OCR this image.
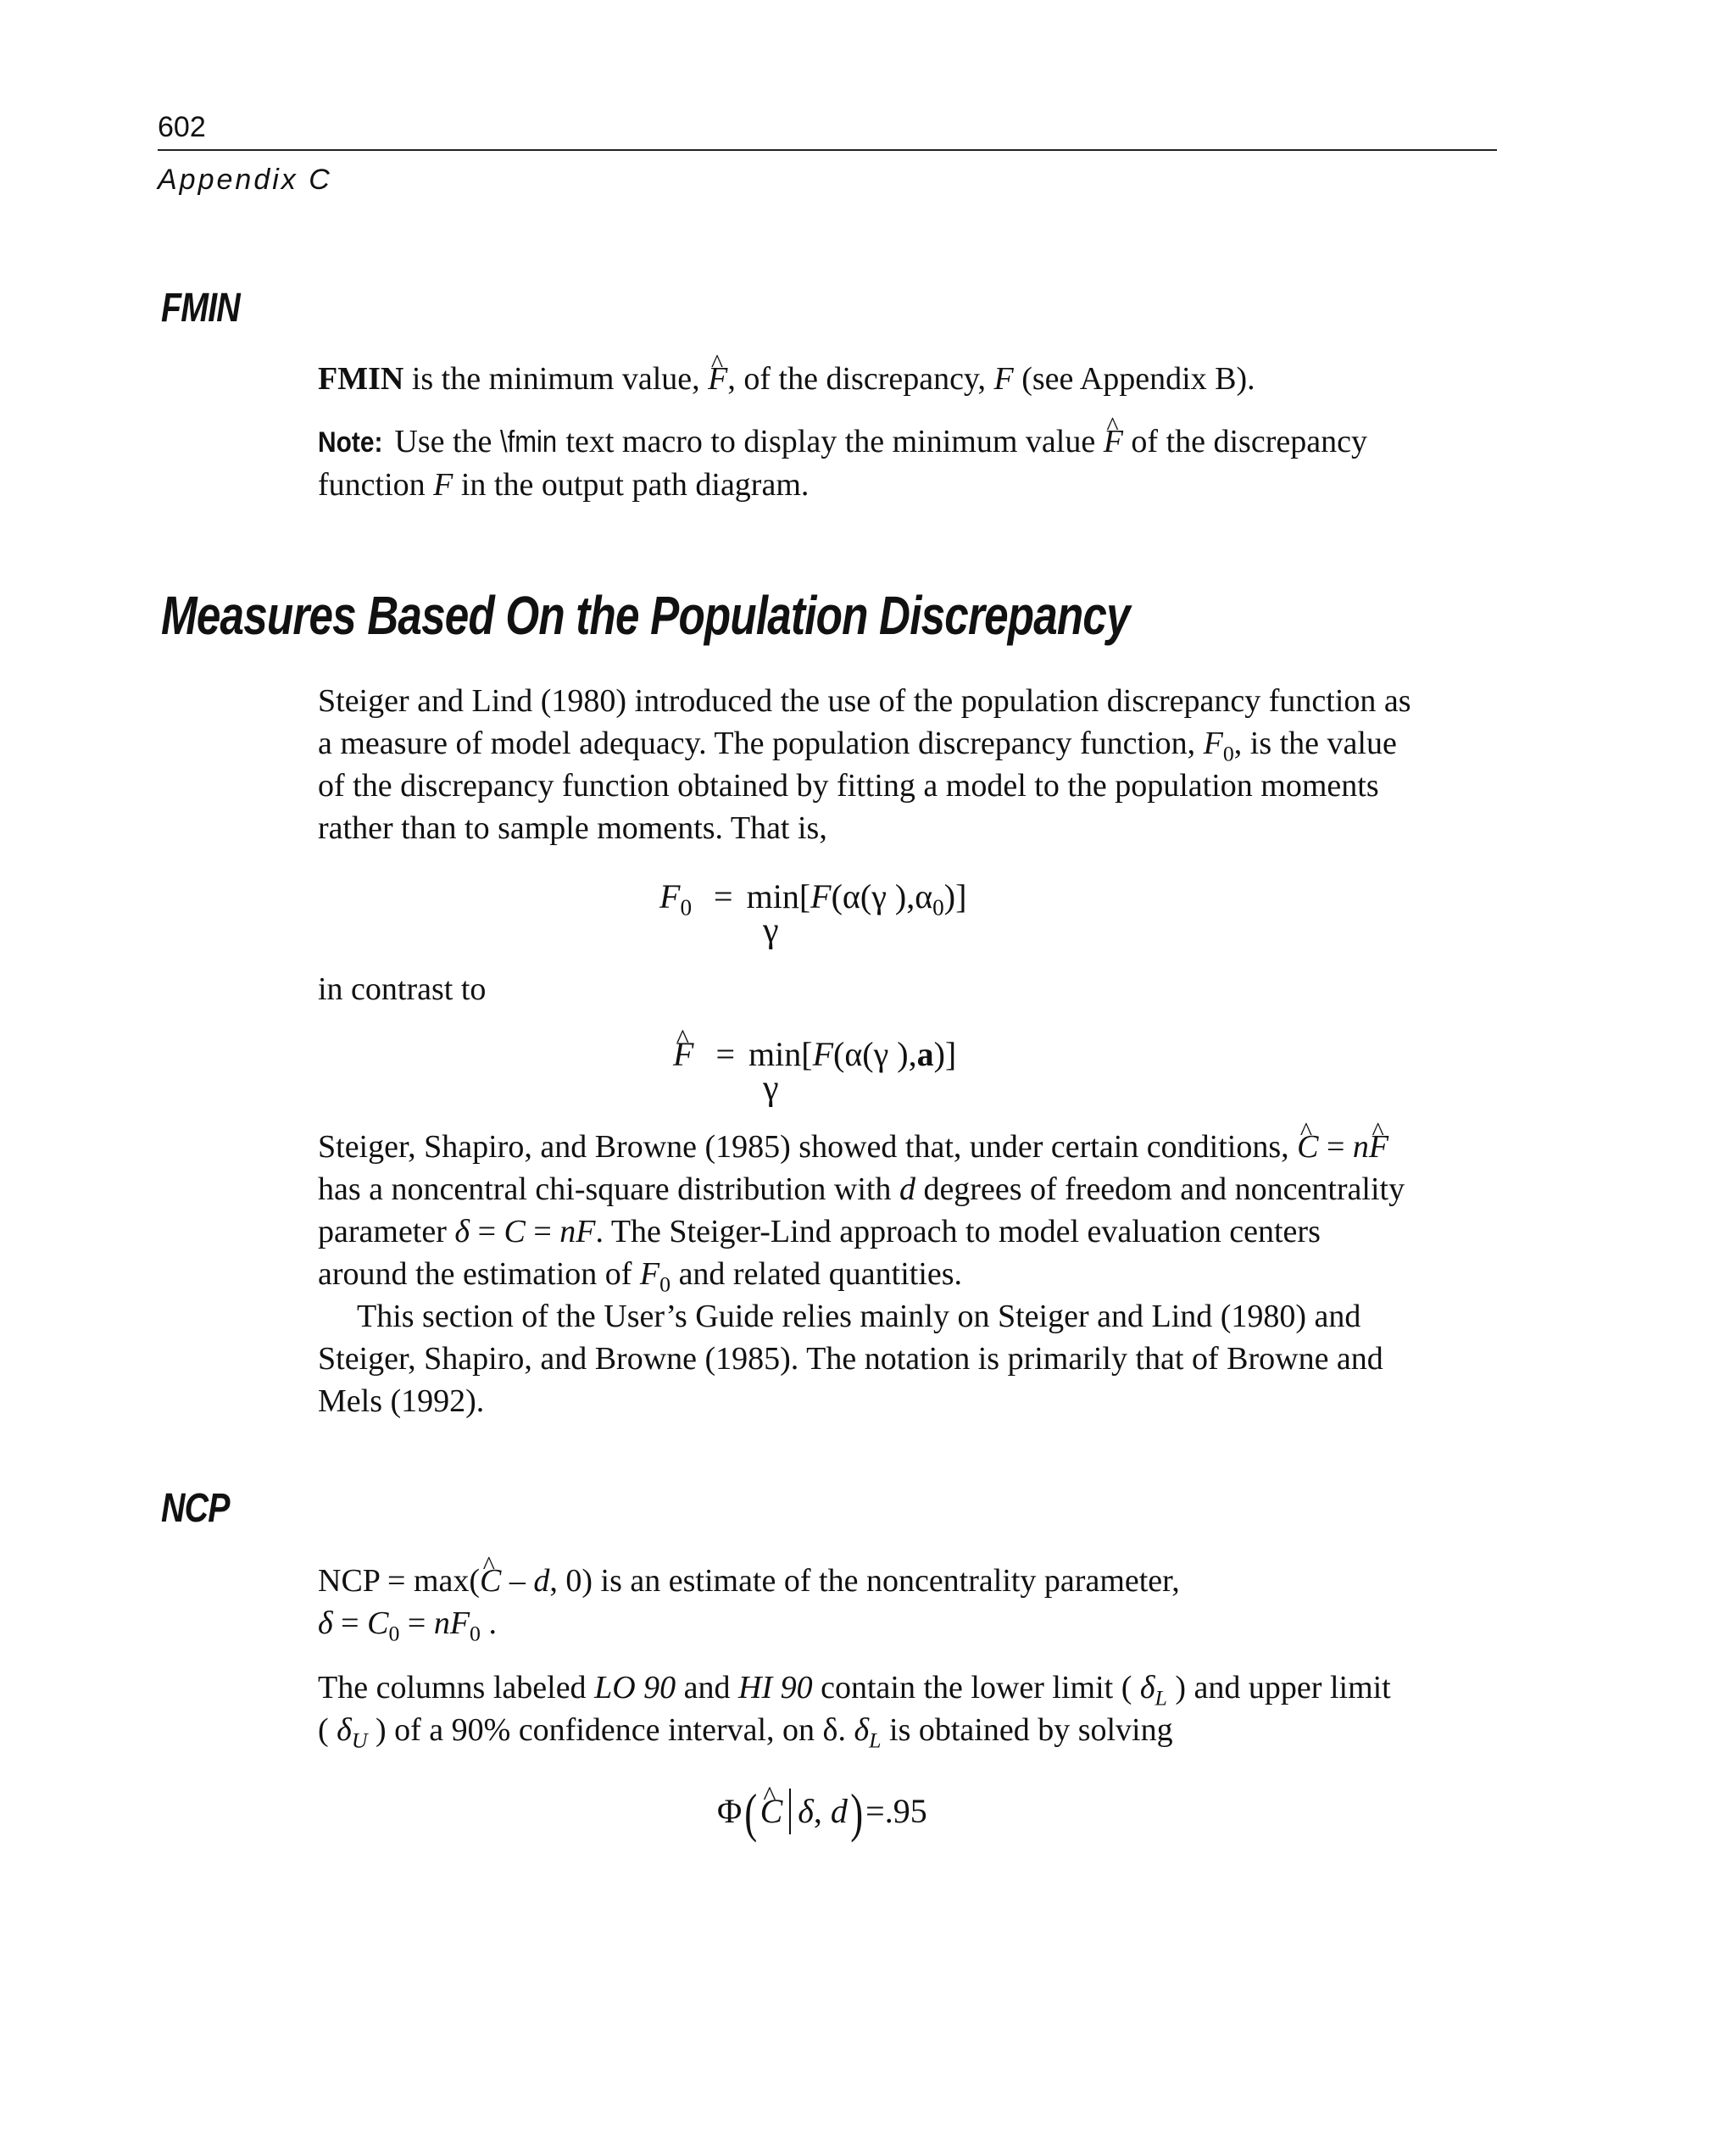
602
Appendix C
FMIN
FMIN is the minimum value, ^ F, of the discrepancy, F (see Appendix B).
Note: Use the \fmin text macro to display the minimum value ^ F of the discrepancy
function F in the output path diagram.
Measures Based On the Population Discrepancy
Steiger and Lind (1980) introduced the use of the population discrepancy function as
a measure of model adequacy. The population discrepancy function, $F_0$, is the value
of the discrepancy function obtained by fitting a model to the population moments
rather than to sample moments. That is,
$F_0 = \min[F(\alpha(\gamma$ )$,\alpha_0$)]
γ
in contrast to
^ F = min[F(α(γ ),a)]
γ
Steiger, Shapiro, and Browne (1985) showed that, under certain conditions, ^ C = n^ F
has a noncentral chi-square distribution with d degrees of freedom and noncentrality
parameter δ = C = nF. The Steiger-Lind approach to model evaluation centers
around the estimation of $F_0$ and related quantities.
This section of the User’s Guide relies mainly on Steiger and Lind (1980) and
Steiger, Shapiro, and Browne (1985). The notation is primarily that of Browne and
Mels (1992).
NCP
NCP = max(^ C – d, 0) is an estimate of the noncentrality parameter,
$\delta = C_0 = nF_0$ .
The columns labeled LO 90 and HI 90 contain the lower limit ( $\delta_L$ ) and upper limit
( $\delta_U$ ) of a 90% confidence interval, on δ. $\delta_L$ is obtained by solving
Φ(^ C δ, d)=.95
